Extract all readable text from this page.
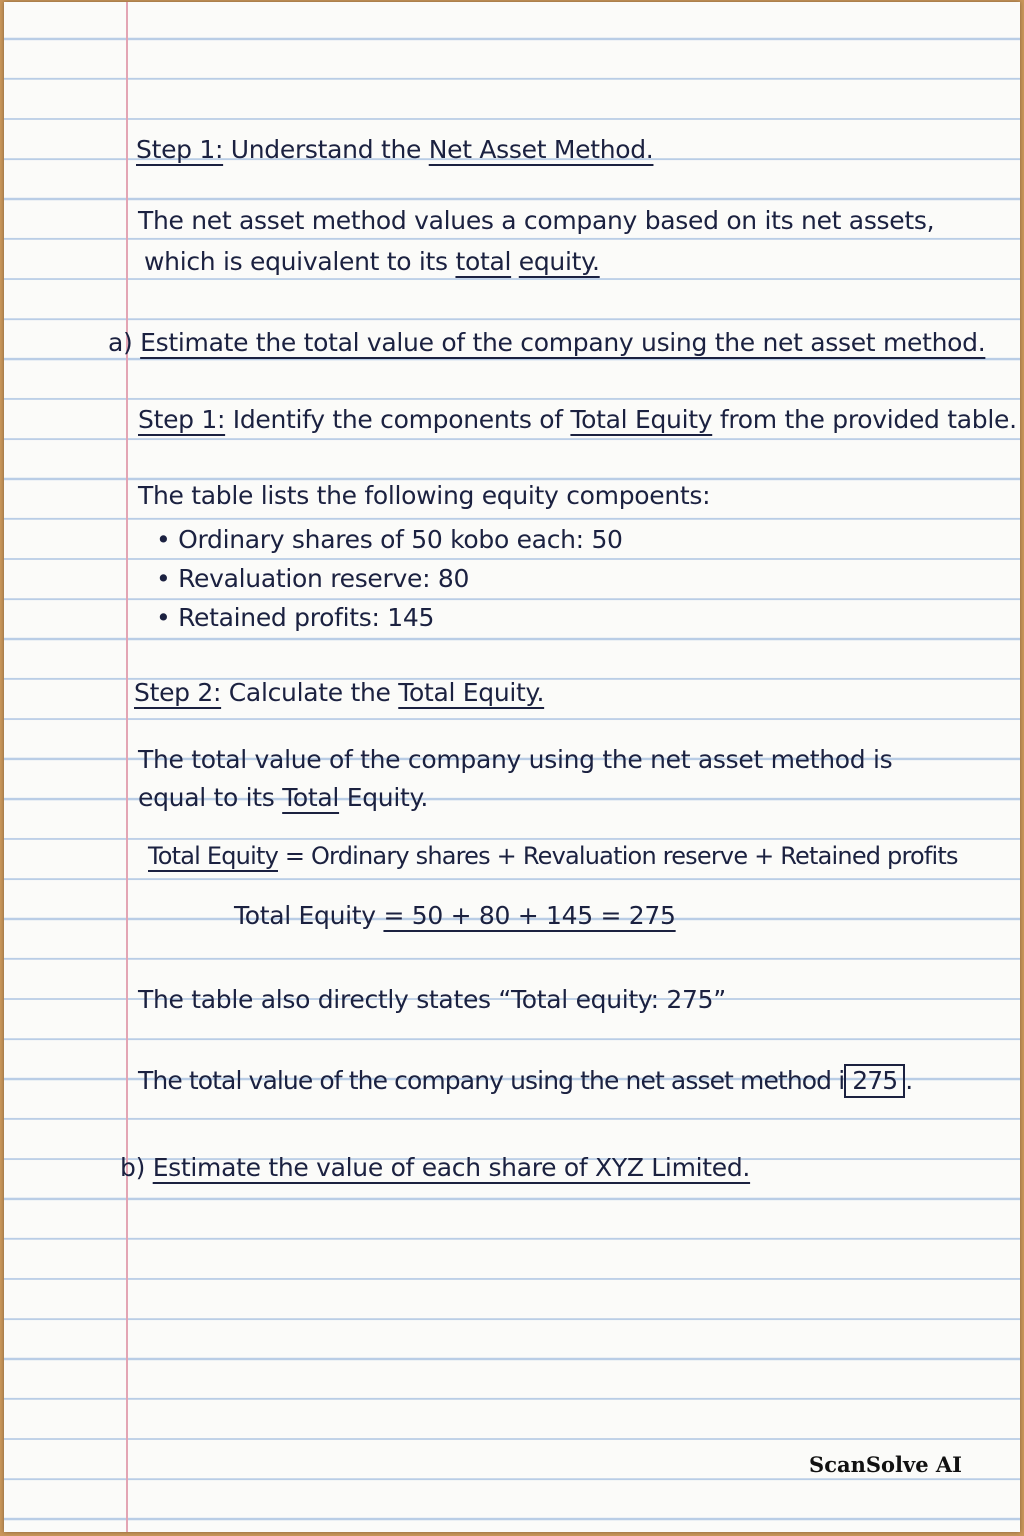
Step 1: Understand the Net Asset Method.
The net asset method values a company based on its net assets,
which is equivalent to its total equity.
a) Estimate the total value of the company using the net asset method.
Step 1: Identify the components of Total Equity from the provided table.
The table lists the following equity compoents:
• Ordinary shares of 50 kobo each: 50
• Revaluation reserve: 80
• Retained profits: 145
Step 2: Calculate the Total Equity.
The total value of the company using the net asset method is
equal to its Total Equity.
Total Equity = Ordinary shares + Revaluation reserve + Retained profits
Total Equity = 50 + 80 + 145 = 275
The table also directly states “Total equity: 275”
The total value of the company using the net asset method i 275 .
b) Estimate the value of each share of XYZ Limited.
ScanSolve AI
